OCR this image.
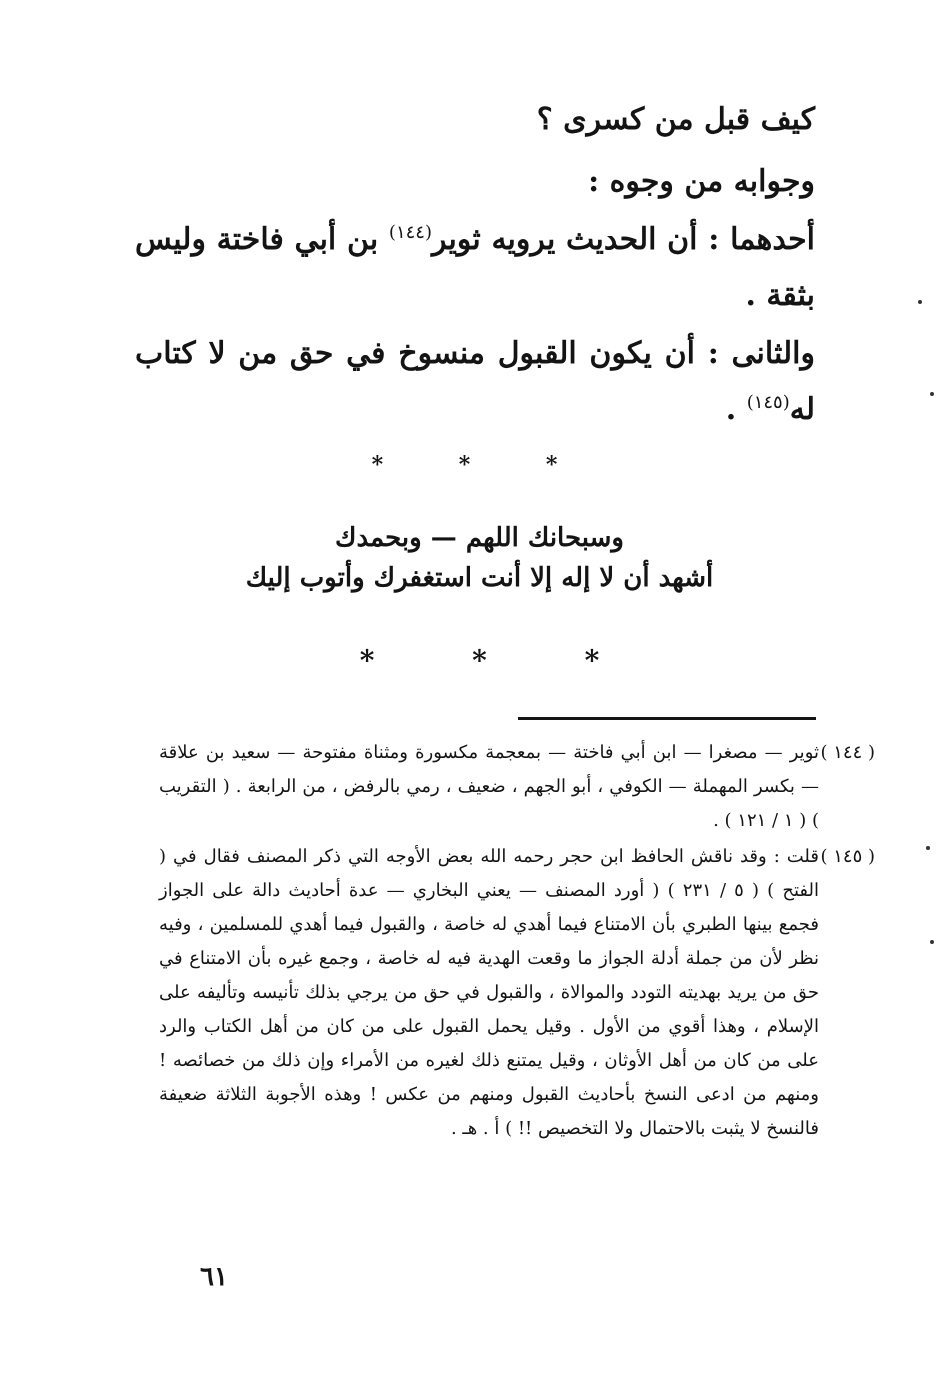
كيف قبل من كسرى ؟
وجوابه من وجوه :
أحدهما : أن الحديث يرويه ثوير$^{(١٤٤)}$ بن أبي فاختة وليس بثقة .
والثانى : أن يكون القبول منسوخ في حق من لا كتاب له$^{(١٤٥)}$ .
* * *
وسبحانك اللهم — وبحمدك
أشهد أن لا إله إلا أنت استغفرك وأتوب إليك
* * *
( ١٤٤ )
ثوير — مصغرا — ابن أبي فاختة — بمعجمة مكسورة ومثناة مفتوحة — سعيد بن علاقة — بكسر المهملة — الكوفي ، أبو الجهم ، ضعيف ، رمي بالرفض ، من الرابعة . ( التقريب ) ( ١ / ١٢١ ) .
( ١٤٥ )
قلت : وقد ناقش الحافظ ابن حجر رحمه الله بعض الأوجه التي ذكر المصنف فقال في ( الفتح ) ( ٥ / ٢٣١ ) ( أورد المصنف — يعني البخاري — عدة أحاديث دالة على الجواز فجمع بينها الطبري بأن الامتناع فيما أهدي له خاصة ، والقبول فيما أهدي للمسلمين ، وفيه نظر لأن من جملة أدلة الجواز ما وقعت الهدية فيه له خاصة ، وجمع غيره بأن الامتناع في حق من يريد بهديته التودد والموالاة ، والقبول في حق من يرجي بذلك تأنيسه وتأليفه على الإسلام ، وهذا أقوي من الأول . وقيل يحمل القبول على من كان من أهل الكتاب والرد على من كان من أهل الأوثان ، وقيل يمتنع ذلك لغيره من الأمراء وإن ذلك من خصائصه ! ومنهم من ادعى النسخ بأحاديث القبول ومنهم من عكس ! وهذه الأجوبة الثلاثة ضعيفة فالنسخ لا يثبت بالاحتمال ولا التخصيص !! ) أ . هـ .
٦١
